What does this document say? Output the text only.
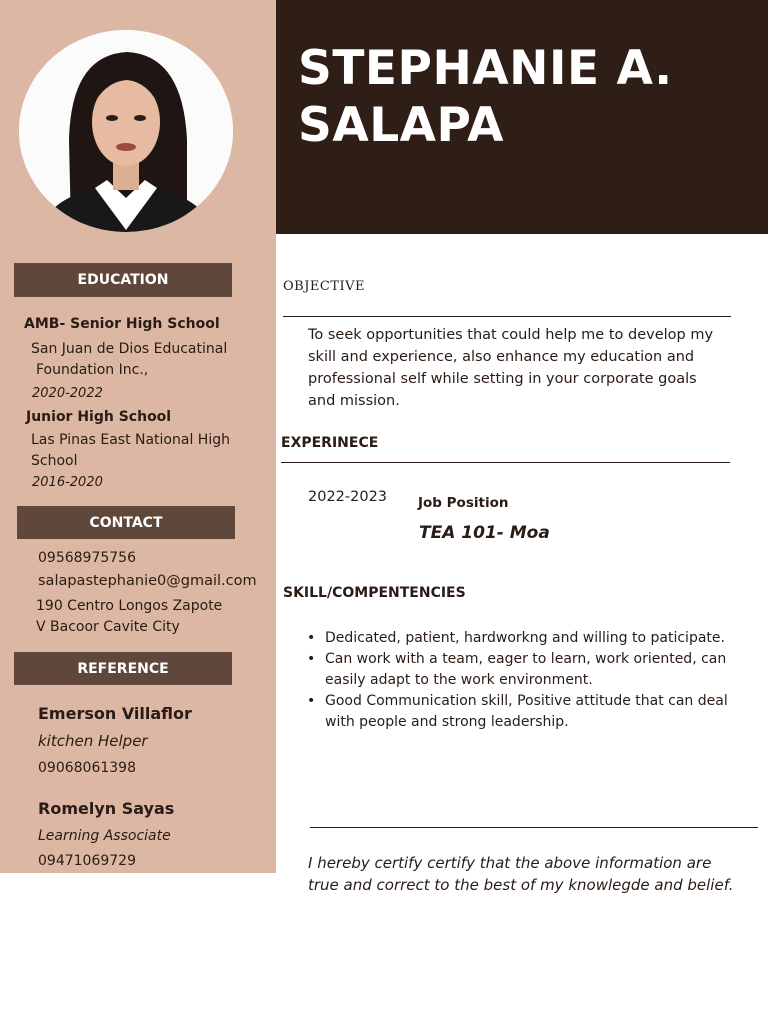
STEPHANIE A.
SALAPA
EDUCATION
AMB- Senior High School
San Juan de Dios Educatinal
Foundation Inc.,
2020-2022
Junior High School
Las Pinas East National High
School
2016-2020
CONTACT
09568975756
salapastephanie0@gmail.com
190 Centro Longos Zapote
V Bacoor Cavite City
REFERENCE
Emerson Villaflor
kitchen Helper
09068061398
Romelyn Sayas
Learning Associate
09471069729
OBJECTIVE
To seek opportunities that could help me to develop my
skill and experience, also enhance my education and
professional self while setting in your corporate goals
and mission.
EXPERINECE
2022-2023 Job Position
TEA 101- Moa
SKILL/COMPENTENCIES
• Dedicated, patient, hardworkng and willing to paticipate.
• Can work with a team, eager to learn, work oriented, can
easily adapt to the work environment.
• Good Communication skill, Positive attitude that can deal
with people and strong leadership.
I hereby certify certify that the above information are
true and correct to the best of my knowlegde and belief.
